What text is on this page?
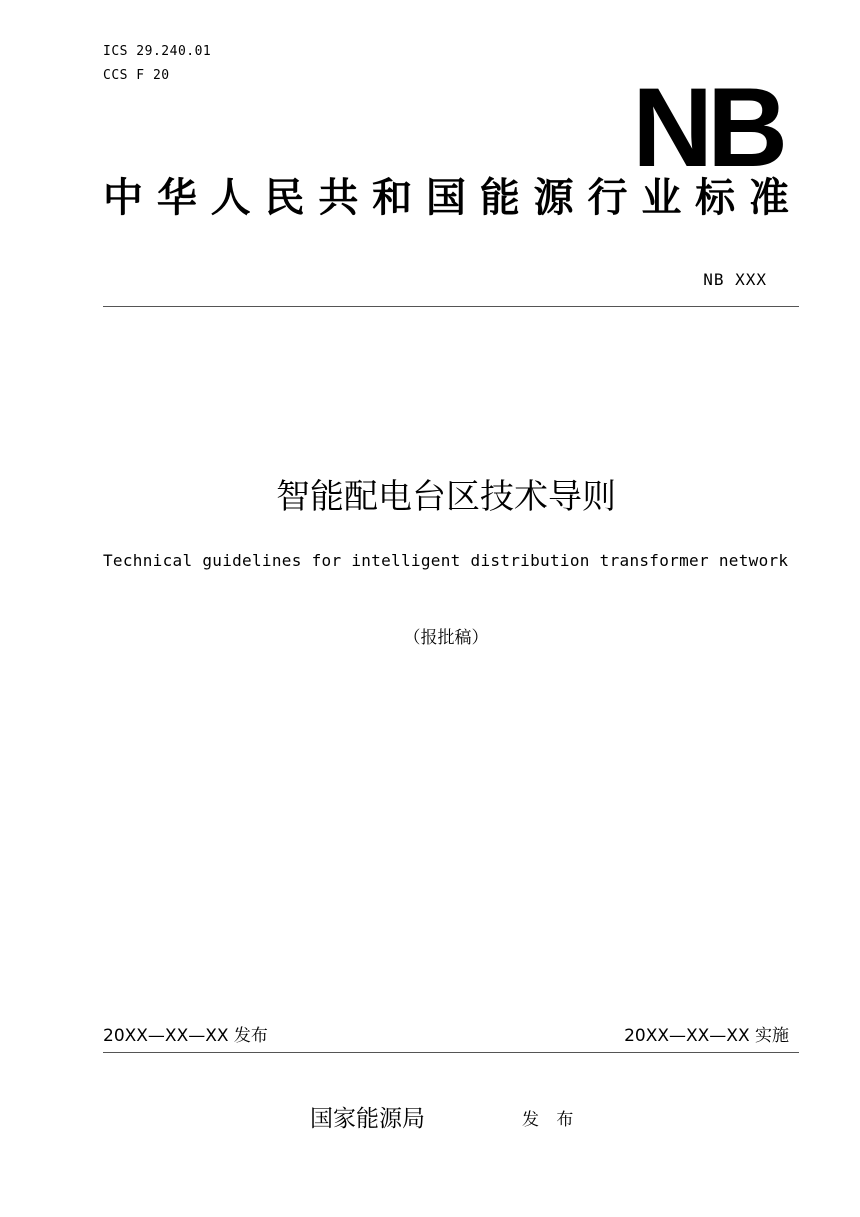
ICS 29.240.01
CCS F 20	NB
中华人民共和国能源行业标准
NB XXX
智能配电台区技术导则
Technical guidelines for intelligent distribution transformer network
（报批稿）
20XX—XX—XX 发布	20XX—XX—XX 实施
国家能源局	发 布
